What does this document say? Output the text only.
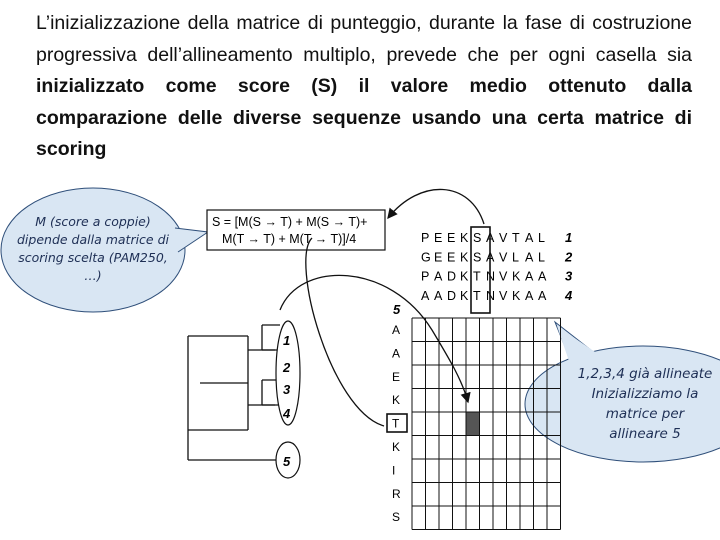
L’inizializzazione della matrice di punteggio, durante la fase di costruzione progressiva dell’allineamento multiplo, prevede che per ogni casella sia inizializzato come score (S) il valore medio ottenuto dalla comparazione delle diverse sequenze usando una certa matrice di scoring

S = [M(S → T) + M(S → T)+
M(T → T) + M(T → T)]/4	P E E K S A V T A L 1
G E E K S A V L A L 2
P A D K T N V K A A 3
A A D K T N V K A A 4
5
A
A
E
K
T
K
I
R
S
1
2
3
4
5
M (score a coppie) dipende dalla matrice di scoring scelta (PAM250, …)
1,2,3,4 già allineate
Inizializziamo la
matrice per
allineare 5
